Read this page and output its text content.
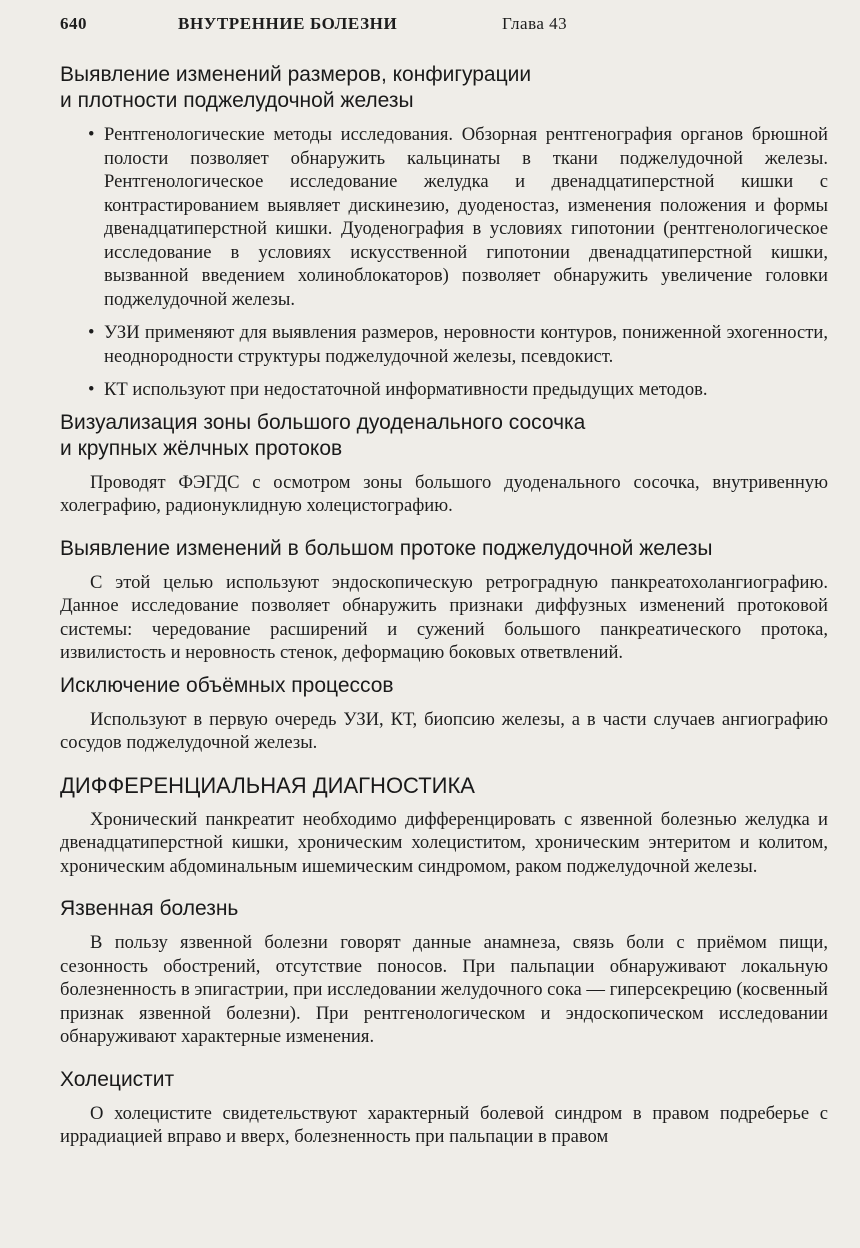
640	ВНУТРЕННИЕ БОЛЕЗНИ	Глава 43
Выявление изменений размеров, конфигурации
и плотности поджелудочной железы
• Рентгенологические методы исследования. Обзорная рентгенография органов брюшной полости позволяет обнаружить кальцинаты в ткани поджелудочной железы. Рентгенологическое исследование желудка и двенадцатиперстной кишки с контрастированием выявляет дискинезию, дуоденостаз, изменения положения и формы двенадцатиперстной кишки. Дуоденография в условиях гипотонии (рентгенологическое исследование в условиях искусственной гипотонии двенадцатиперстной кишки, вызванной введением холиноблокаторов) позволяет обнаружить увеличение головки поджелудочной железы.
• УЗИ применяют для выявления размеров, неровности контуров, пониженной эхогенности, неоднородности структуры поджелудочной железы, псевдокист.
• КТ используют при недостаточной информативности предыдущих методов.
Визуализация зоны большого дуоденального сосочка
и крупных жёлчных протоков

Проводят ФЭГДС с осмотром зоны большого дуоденального сосочка, внутривенную холеграфию, радионуклидную холецистографию.

Выявление изменений в большом протоке поджелудочной железы

С этой целью используют эндоскопическую ретроградную панкреатохолангиографию. Данное исследование позволяет обнаружить признаки диффузных изменений протоковой системы: чередование расширений и сужений большого панкреатического протока, извилистость и неровность стенок, деформацию боковых ответвлений.

Исключение объёмных процессов

Используют в первую очередь УЗИ, КТ, биопсию железы, а в части случаев ангиографию сосудов поджелудочной железы.

ДИФФЕРЕНЦИАЛЬНАЯ ДИАГНОСТИКА

Хронический панкреатит необходимо дифференцировать с язвенной болезнью желудка и двенадцатиперстной кишки, хроническим холециститом, хроническим энтеритом и колитом, хроническим абдоминальным ишемическим синдромом, раком поджелудочной железы.

Язвенная болезнь

В пользу язвенной болезни говорят данные анамнеза, связь боли с приёмом пищи, сезонность обострений, отсутствие поносов. При пальпации обнаруживают локальную болезненность в эпигастрии, при исследовании желудочного сока — гиперсекрецию (косвенный признак язвенной болезни). При рентгенологическом и эндоскопическом исследовании обнаруживают характерные изменения.

Холецистит

О холецистите свидетельствуют характерный болевой синдром в правом подреберье с иррадиацией вправо и вверх, болезненность при пальпации в правом
